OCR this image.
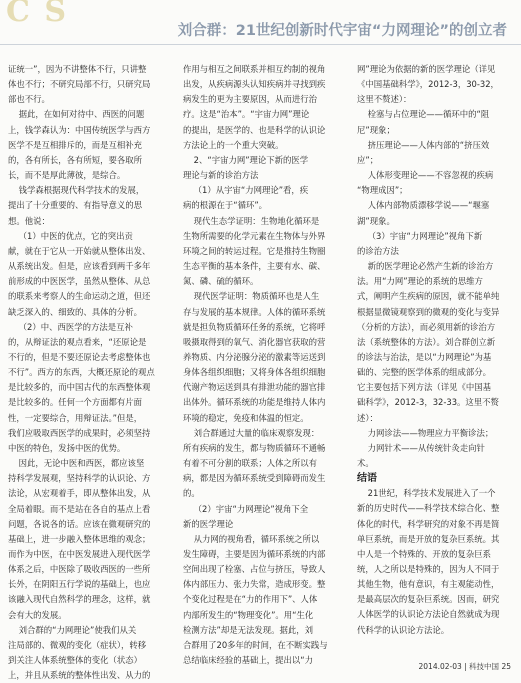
C S
刘合群：21世纪创新时代宇宙“力网理论”的创立者

证统一”，因为不讲整体不行，只讲整

体也不行；不研究局部不行，只研究局

部也不行。

据此，在如何对待中、西医的问题

上，钱学森认为：中国传统医学与西方

医学不是互相排斥的，而是互相补充

的，各有所长，各有所短，要各取所

长，而不是厚此薄彼，是综合。

钱学森根据现代科学技术的发展，

提出了十分重要的、有指导意义的思

想。他说：

（1）中医的优点，它的突出贡

献，就在于它从一开始就从整体出发、

从系统出发。但是，应该看到两千多年

前形成的中医医学，虽然从整体、从总

的联系来考察人的生命运动之道，但还

缺乏深入的、细致的、具体的分析。

（2）中、西医学的方法是互补

的，从辩证法的观点看来，“还原论是

不行的，但是不要还原论去考虑整体也

不行”。西方的东西，大概还原论的观点

是比较多的，而中国古代的东西整体观

是比较多的。任何一个方面都有片面

性，一定要综合，用辩证法。”但是，

我们应吸取西医学的成果时，必须坚持

中医的特色，发扬中医的优势。

因此，无论中医和西医，都应该坚

持科学发展观，坚持科学的认识论、方

法论，从宏观着手，即从整体出发，从

全局着眼。而不是站在各自的基点上看

问题，各说各的话。应该在微观研究的

基础上，进一步融入整体思维的观念；

而作为中医，在中医发展进入现代医学

体系之后，中医除了吸收西医的一些所

长外，在阴阳五行学说的基础上，也应

该融入现代自然科学的理念，这样，就

会有大的发展。

刘合群的“力网理论”使我们从关

注局部的、微观的变化（症状），转移

到关注人体系统整体的变化（状态）

上，并且从系统的整体性出发、从力的

作用与相互之间联系并相互约制的视角

出发，从疾病源头认知疾病并寻找到疾

病发生的更为主要原因，从而进行治

疗。这是“治本”。“宇宙力网”理论

的提出，是医学的、也是科学的认识论

方法论上的一个重大突破。

2、“宇宙力网”理论下新的医学

理论与新的诊治方法

（1）从宇宙“力网理论”看，疾

病的根源在于“循环”。

现代生态学证明：生物地化循环是

生物所需要的化学元素在生物体与外界

环境之间的转运过程。它是推持生物圈

生态平衡的基本条件，主要有水、碳、

氮、磷、硫的循环。

现代医学证明：物质循环也是人生

存与发展的基本规律。人体的循环系统

就是担负物质循环任务的系统，它将呼

吸摄取得到的氧气、消化器官获取的营

养物质、内分泌腺分泌的激素等运送到

身体各组织细胞；又将身体各组织细胞

代谢产物运送到具有排泄功能的器官排

出体外。循环系统的功能是维持人体内

环境的稳定，免疫和体温的恒定。

刘合群通过大量的临床观察发现：

所有疾病的发生，都与物质循环不通畅

有着不可分割的联系；人体之所以有

病，都是因为循环系统受到障碍而发生

的。

（2）宇宙“力网理论”视角下全

新的医学理论

从力网的视角看，循环系统之所以

发生障碍，主要是因为循环系统的内部

空间出现了栓塞、占位与挤压，导致人

体内部压力、张力失常，造成形变。整

个变化过程是在“力的作用下”、人体

内部所发生的“物理变化”。用“生化

检测方法”却是无法发现。据此，刘

合群用了20多年的时间，在不断实践与

总结临床经验的基础上，提出以“力

网”理论为依据的新的医学理论（详见

《中国基础科学》，2012-3，30-32，

这里不赘述）：

栓塞与占位理论——循环中的“阻

尼”现象；

挤压理论——人体内部的“挤压效

应”；

人体形变理论——不容忽视的疾病

“物理成因”；

人体内部物质漂移学说——“堰塞

湖”现象。

（3）宇宙“力网理论”视角下新

的诊治方法

新的医学理论必然产生新的诊治方

法。用“力网”理论的系统的思维方

式，阐明产生疾病的原因，就不能单纯

根据显微镜观察到的微观的变化与变异

（分析的方法），而必须用新的诊治方

法（系统整体的方法）。刘合群创立新

的诊法与治法，是以“力网理论”为基

础的、完整的医学体系的组成部分。

它主要包括下列方法（详见《中国基

础科学》，2012-3，32-33。这里不赘

述）：

力网诊法——物理应力平衡诊法；

力网针术——从传统针灸走向针

术。

结语

21世纪，科学技术发展进入了一个

新的历史时代——科学技术综合化、整

体化的时代，科学研究的对象不再是简

单巨系统，而是开放的复杂巨系统。其

中人是一个特殊的、开放的复杂巨系

统，人之所以是特殊的，因为人不同于

其他生物，他有意识，有主观能动性，

是最高层次的复杂巨系统。因而，研究

人体医学的认识论方法论自然就成为现

代科学的认识论方法论。

2014.02-03 | 科技中国 25
